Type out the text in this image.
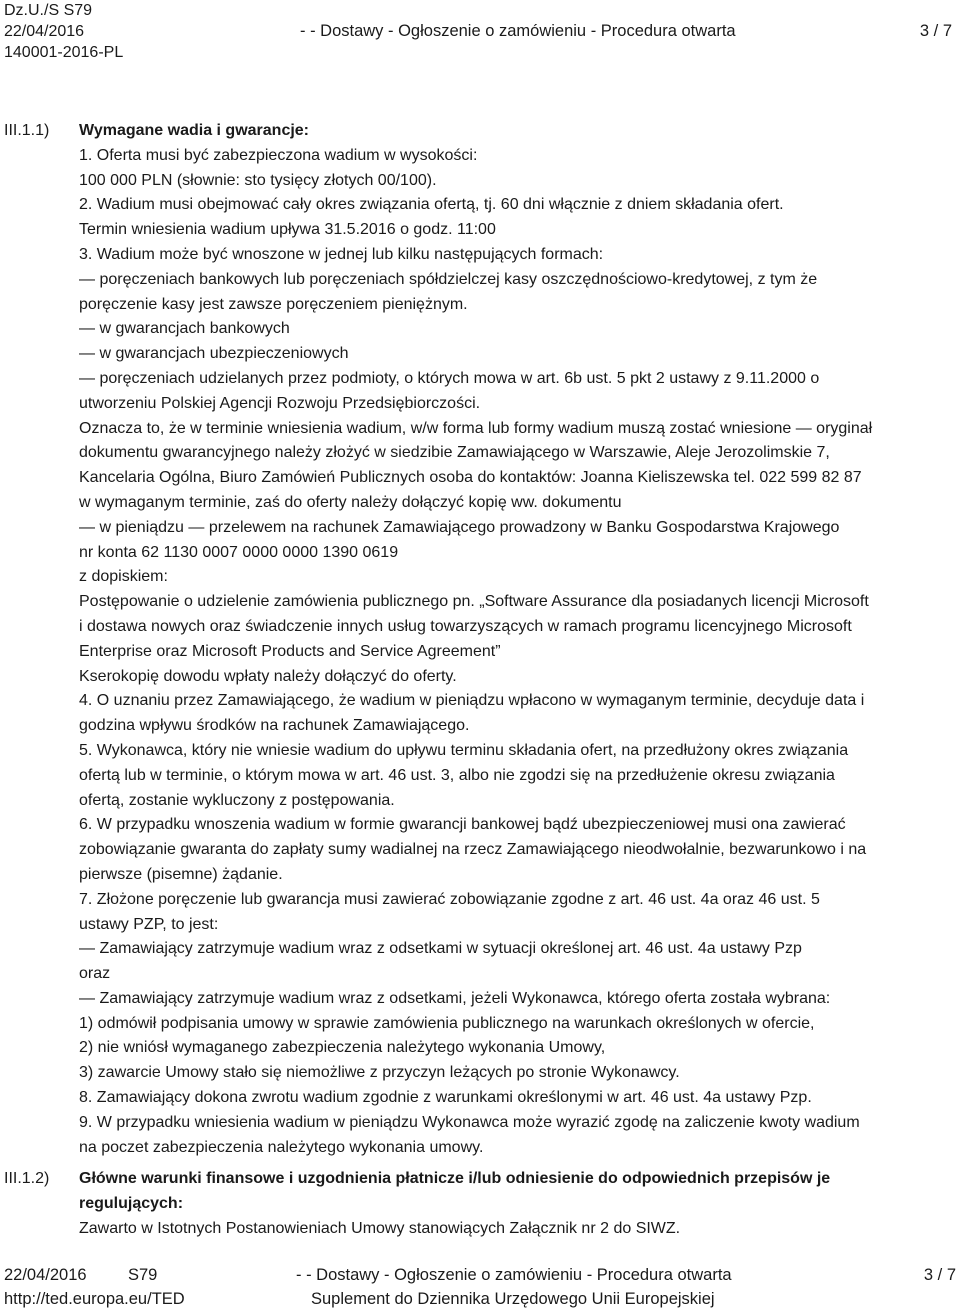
Dz.U./S S79
22/04/2016
140001-2016-PL
- - Dostawy - Ogłoszenie o zamówieniu - Procedura otwarta	3 / 7
III.1.1) Wymagane wadia i gwarancje:
1. Oferta musi być zabezpieczona wadium w wysokości:
100 000 PLN (słownie: sto tysięcy złotych 00/100).
2. Wadium musi obejmować cały okres związania ofertą, tj. 60 dni włącznie z dniem składania ofert.
Termin wniesienia wadium upływa 31.5.2016 o godz. 11:00
3. Wadium może być wnoszone w jednej lub kilku następujących formach:
— poręczeniach bankowych lub poręczeniach spółdzielczej kasy oszczędnościowo-kredytowej, z tym że
poręczenie kasy jest zawsze poręczeniem pieniężnym.
— w gwarancjach bankowych
— w gwarancjach ubezpieczeniowych
— poręczeniach udzielanych przez podmioty, o których mowa w art. 6b ust. 5 pkt 2 ustawy z 9.11.2000 o
utworzeniu Polskiej Agencji Rozwoju Przedsiębiorczości.
Oznacza to, że w terminie wniesienia wadium, w/w forma lub formy wadium muszą zostać wniesione — oryginał
dokumentu gwarancyjnego należy złożyć w siedzibie Zamawiającego w Warszawie, Aleje Jerozolimskie 7,
Kancelaria Ogólna, Biuro Zamówień Publicznych osoba do kontaktów: Joanna Kieliszewska tel. 022 599 82 87
w wymaganym terminie, zaś do oferty należy dołączyć kopię ww. dokumentu
— w pieniądzu — przelewem na rachunek Zamawiającego prowadzony w Banku Gospodarstwa Krajowego
nr konta 62 1130 0007 0000 0000 1390 0619
z dopiskiem:
Postępowanie o udzielenie zamówienia publicznego pn. „Software Assurance dla posiadanych licencji Microsoft
i dostawa nowych oraz świadczenie innych usług towarzyszących w ramach programu licencyjnego Microsoft
Enterprise oraz Microsoft Products and Service Agreement”
Kserokopię dowodu wpłaty należy dołączyć do oferty.
4. O uznaniu przez Zamawiającego, że wadium w pieniądzu wpłacono w wymaganym terminie, decyduje data i
godzina wpływu środków na rachunek Zamawiającego.
5. Wykonawca, który nie wniesie wadium do upływu terminu składania ofert, na przedłużony okres związania
ofertą lub w terminie, o którym mowa w art. 46 ust. 3, albo nie zgodzi się na przedłużenie okresu związania
ofertą, zostanie wykluczony z postępowania.
6. W przypadku wnoszenia wadium w formie gwarancji bankowej bądź ubezpieczeniowej musi ona zawierać
zobowiązanie gwaranta do zapłaty sumy wadialnej na rzecz Zamawiającego nieodwołalnie, bezwarunkowo i na
pierwsze (pisemne) żądanie.
7. Złożone poręczenie lub gwarancja musi zawierać zobowiązanie zgodne z art. 46 ust. 4a oraz 46 ust. 5
ustawy PZP, to jest:
— Zamawiający zatrzymuje wadium wraz z odsetkami w sytuacji określonej art. 46 ust. 4a ustawy Pzp
oraz
— Zamawiający zatrzymuje wadium wraz z odsetkami, jeżeli Wykonawca, którego oferta została wybrana:
1) odmówił podpisania umowy w sprawie zamówienia publicznego na warunkach określonych w ofercie,
2) nie wniósł wymaganego zabezpieczenia należytego wykonania Umowy,
3) zawarcie Umowy stało się niemożliwe z przyczyn leżących po stronie Wykonawcy.
8. Zamawiający dokona zwrotu wadium zgodnie z warunkami określonymi w art. 46 ust. 4a ustawy Pzp.
9. W przypadku wniesienia wadium w pieniądzu Wykonawca może wyrazić zgodę na zaliczenie kwoty wadium
na poczet zabezpieczenia należytego wykonania umowy.
III.1.2) Główne warunki finansowe i uzgodnienia płatnicze i/lub odniesienie do odpowiednich przepisów je
regulujących:
Zawarto w Istotnych Postanowieniach Umowy stanowiących Załącznik nr 2 do SIWZ.
22/04/2016	S79	- - Dostawy - Ogłoszenie o zamówieniu - Procedura otwarta	3 / 7
http://ted.europa.eu/TED	Suplement do Dziennika Urzędowego Unii Europejskiej
